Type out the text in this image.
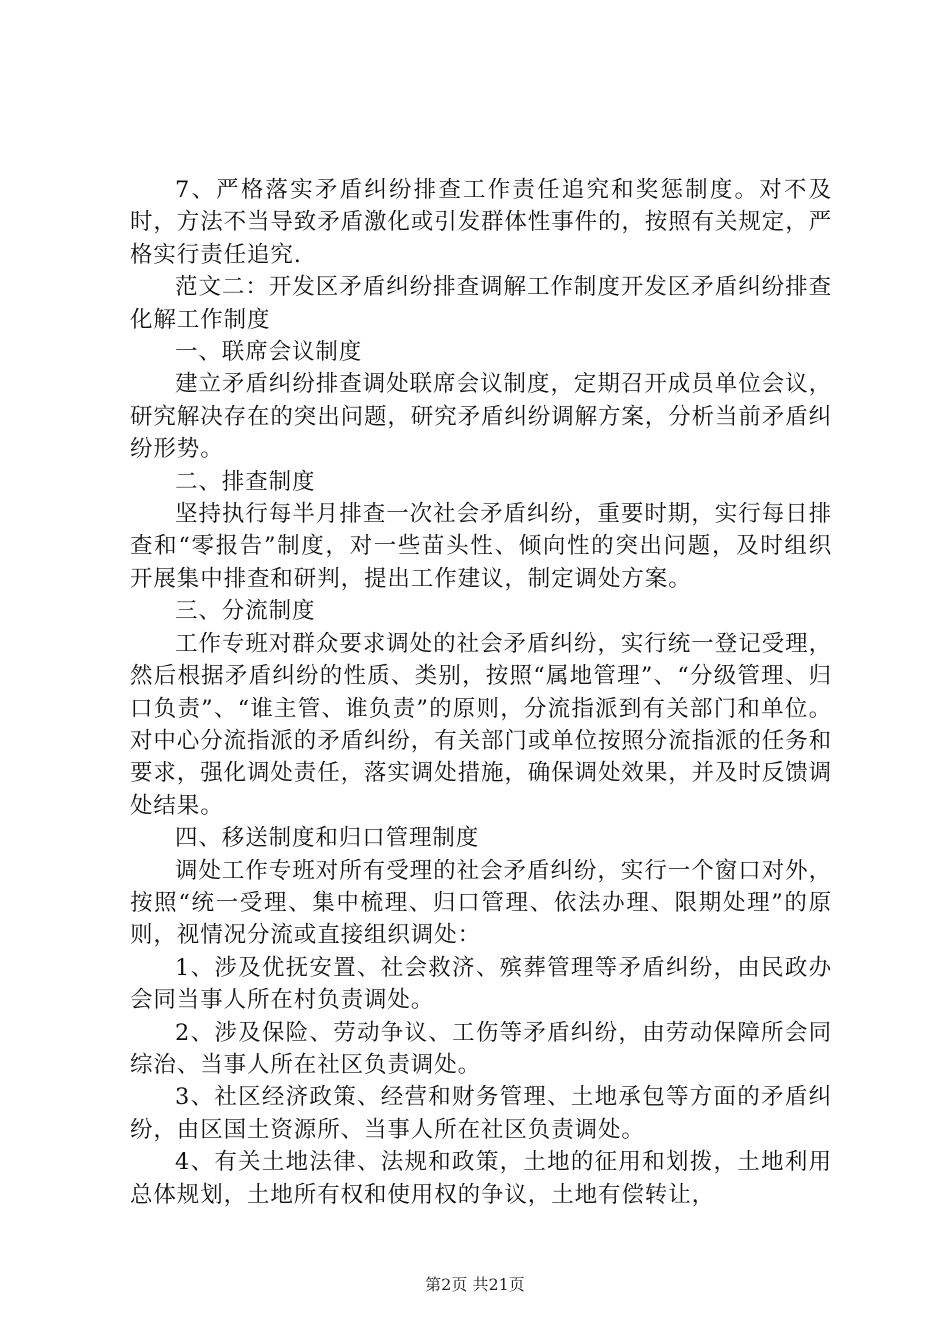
7、严格落实矛盾纠纷排查工作责任追究和奖惩制度。对不及时，方法不当导致矛盾激化或引发群体性事件的，按照有关规定，严格实行责任追究.

范文二：开发区矛盾纠纷排查调解工作制度开发区矛盾纠纷排查化解工作制度

一、联席会议制度

建立矛盾纠纷排查调处联席会议制度，定期召开成员单位会议，研究解决存在的突出问题，研究矛盾纠纷调解方案，分析当前矛盾纠纷形势。

二、排查制度

坚持执行每半月排查一次社会矛盾纠纷，重要时期，实行每日排查和“零报告”制度，对一些苗头性、倾向性的突出问题，及时组织开展集中排查和研判，提出工作建议，制定调处方案。

三、分流制度

工作专班对群众要求调处的社会矛盾纠纷，实行统一登记受理，然后根据矛盾纠纷的性质、类别，按照“属地管理”、“分级管理、归口负责”、“谁主管、谁负责”的原则，分流指派到有关部门和单位。对中心分流指派的矛盾纠纷，有关部门或单位按照分流指派的任务和要求，强化调处责任，落实调处措施，确保调处效果，并及时反馈调处结果。

四、移送制度和归口管理制度

调处工作专班对所有受理的社会矛盾纠纷，实行一个窗口对外，按照“统一受理、集中梳理、归口管理、依法办理、限期处理”的原则，视情况分流或直接组织调处：

1、涉及优抚安置、社会救济、殡葬管理等矛盾纠纷，由民政办会同当事人所在村负责调处。

2、涉及保险、劳动争议、工伤等矛盾纠纷，由劳动保障所会同综治、当事人所在社区负责调处。

3、社区经济政策、经营和财务管理、土地承包等方面的矛盾纠纷，由区国土资源所、当事人所在社区负责调处。

4、有关土地法律、法规和政策，土地的征用和划拨，土地利用总体规划，土地所有权和使用权的争议，土地有偿转让，

第2页 共21页
